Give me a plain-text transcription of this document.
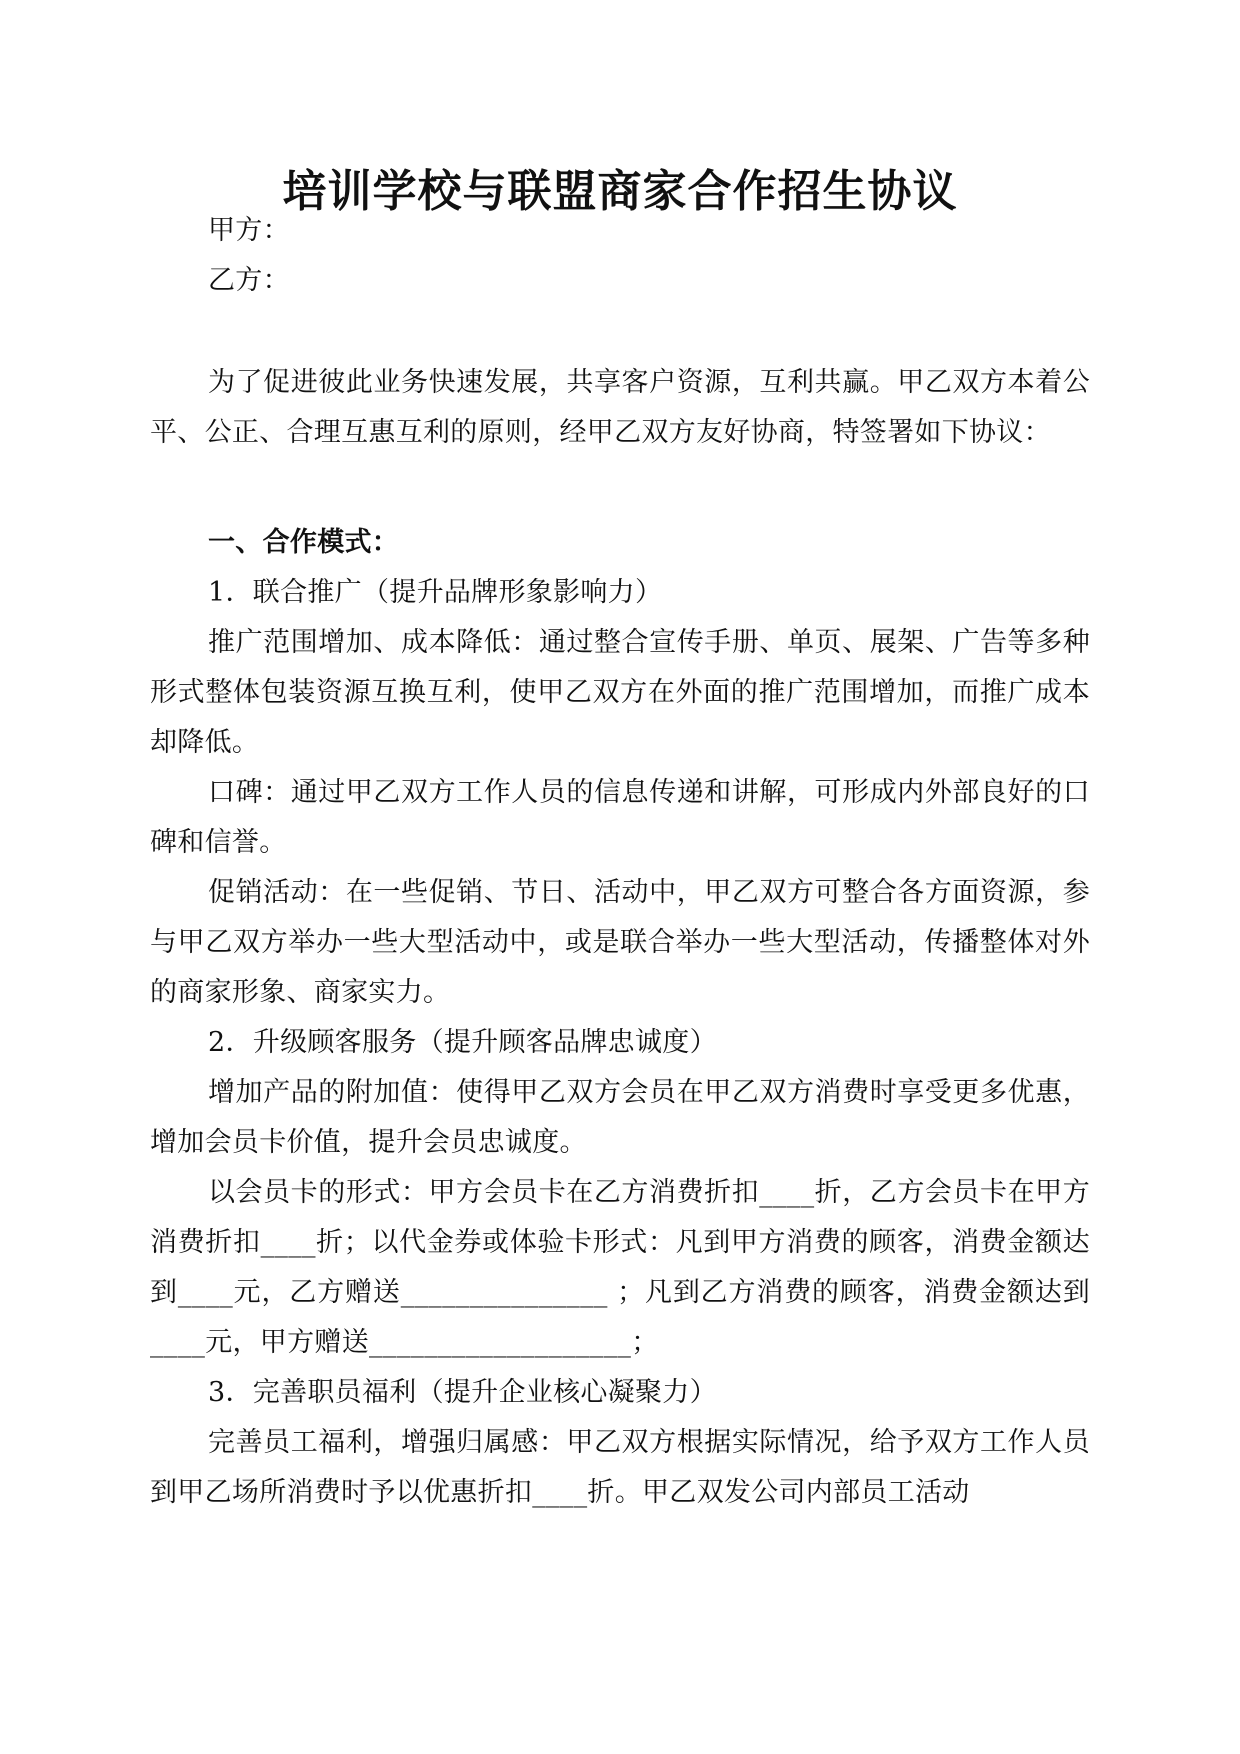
培训学校与联盟商家合作招生协议

甲方：

乙方：

为了促进彼此业务快速发展，共享客户资源，互利共赢。甲乙双方本着公平、公正、合理互惠互利的原则，经甲乙双方友好协商，特签署如下协议：

一、合作模式：

1．联合推广（提升品牌形象影响力）

推广范围增加、成本降低：通过整合宣传手册、单页、展架、广告等多种形式整体包装资源互换互利，使甲乙双方在外面的推广范围增加，而推广成本却降低。

口碑：通过甲乙双方工作人员的信息传递和讲解，可形成内外部良好的口碑和信誉。

促销活动：在一些促销、节日、活动中，甲乙双方可整合各方面资源，参与甲乙双方举办一些大型活动中，或是联合举办一些大型活动，传播整体对外的商家形象、商家实力。

2．升级顾客服务（提升顾客品牌忠诚度）

增加产品的附加值：使得甲乙双方会员在甲乙双方消费时享受更多优惠，增加会员卡价值，提升会员忠诚度。

以会员卡的形式：甲方会员卡在乙方消费折扣____折，乙方会员卡在甲方消费折扣____折；以代金券或体验卡形式：凡到甲方消费的顾客，消费金额达到____元，乙方赠送_______________ ；凡到乙方消费的顾客，消费金额达到____元，甲方赠送___________________；

3．完善职员福利（提升企业核心凝聚力）

完善员工福利，增强归属感：甲乙双方根据实际情况，给予双方工作人员到甲乙场所消费时予以优惠折扣____折。甲乙双发公司内部员工活动
